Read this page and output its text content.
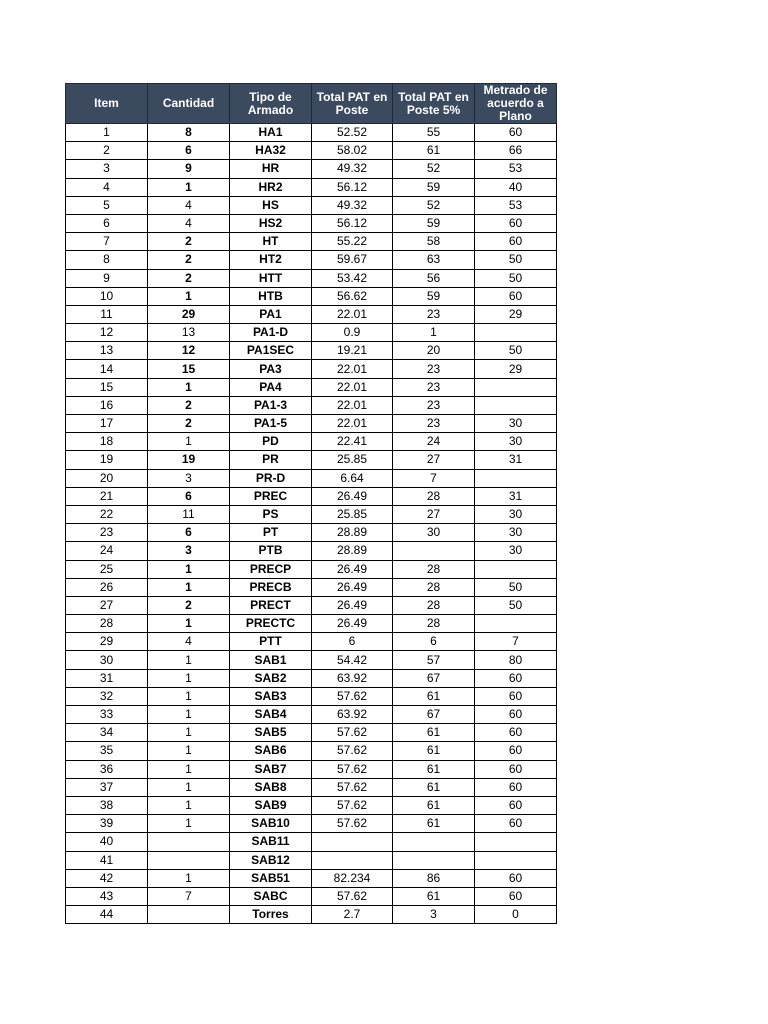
Item	Cantidad	Tipo de Armado	Total PAT en Poste	Total PAT en Poste 5%	Metrado de acuerdo a Plano
1	8	HA1	52.52	55	60
2	6	HA32	58.02	61	66
3	9	HR	49.32	52	53
4	1	HR2	56.12	59	40
5	4	HS	49.32	52	53
6	4	HS2	56.12	59	60
7	2	HT	55.22	58	60
8	2	HT2	59.67	63	50
9	2	HTT	53.42	56	50
10	1	HTB	56.62	59	60
11	29	PA1	22.01	23	29
12	13	PA1-D	0.9	1	
13	12	PA1SEC	19.21	20	50
14	15	PA3	22.01	23	29
15	1	PA4	22.01	23	
16	2	PA1-3	22.01	23	
17	2	PA1-5	22.01	23	30
18	1	PD	22.41	24	30
19	19	PR	25.85	27	31
20	3	PR-D	6.64	7	
21	6	PREC	26.49	28	31
22	11	PS	25.85	27	30
23	6	PT	28.89	30	30
24	3	PTB	28.89		30
25	1	PRECP	26.49	28	
26	1	PRECB	26.49	28	50
27	2	PRECT	26.49	28	50
28	1	PRECTC	26.49	28	
29	4	PTT	6	6	7
30	1	SAB1	54.42	57	80
31	1	SAB2	63.92	67	60
32	1	SAB3	57.62	61	60
33	1	SAB4	63.92	67	60
34	1	SAB5	57.62	61	60
35	1	SAB6	57.62	61	60
36	1	SAB7	57.62	61	60
37	1	SAB8	57.62	61	60
38	1	SAB9	57.62	61	60
39	1	SAB10	57.62	61	60
40		SAB11			
41		SAB12			
42	1	SAB51	82.234	86	60
43	7	SABC	57.62	61	60
44		Torres	2.7	3	0
